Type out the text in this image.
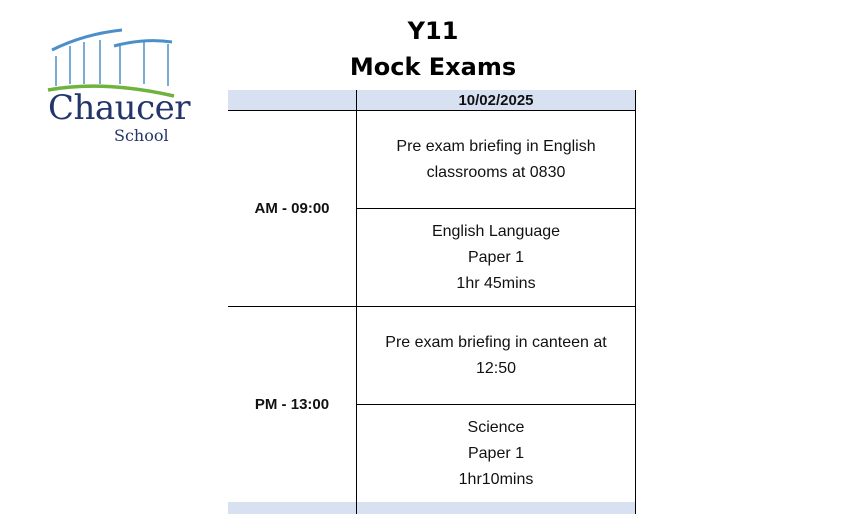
Chaucer
School
Y11
Mock Exams
	10/02/2025
AM - 09:00	Pre exam briefing in English
classrooms at 0830

	English Language
Paper 1
1hr 45mins

PM - 13:00	Pre exam briefing in canteen at
12:50

	Science
Paper 1
1hr10mins
